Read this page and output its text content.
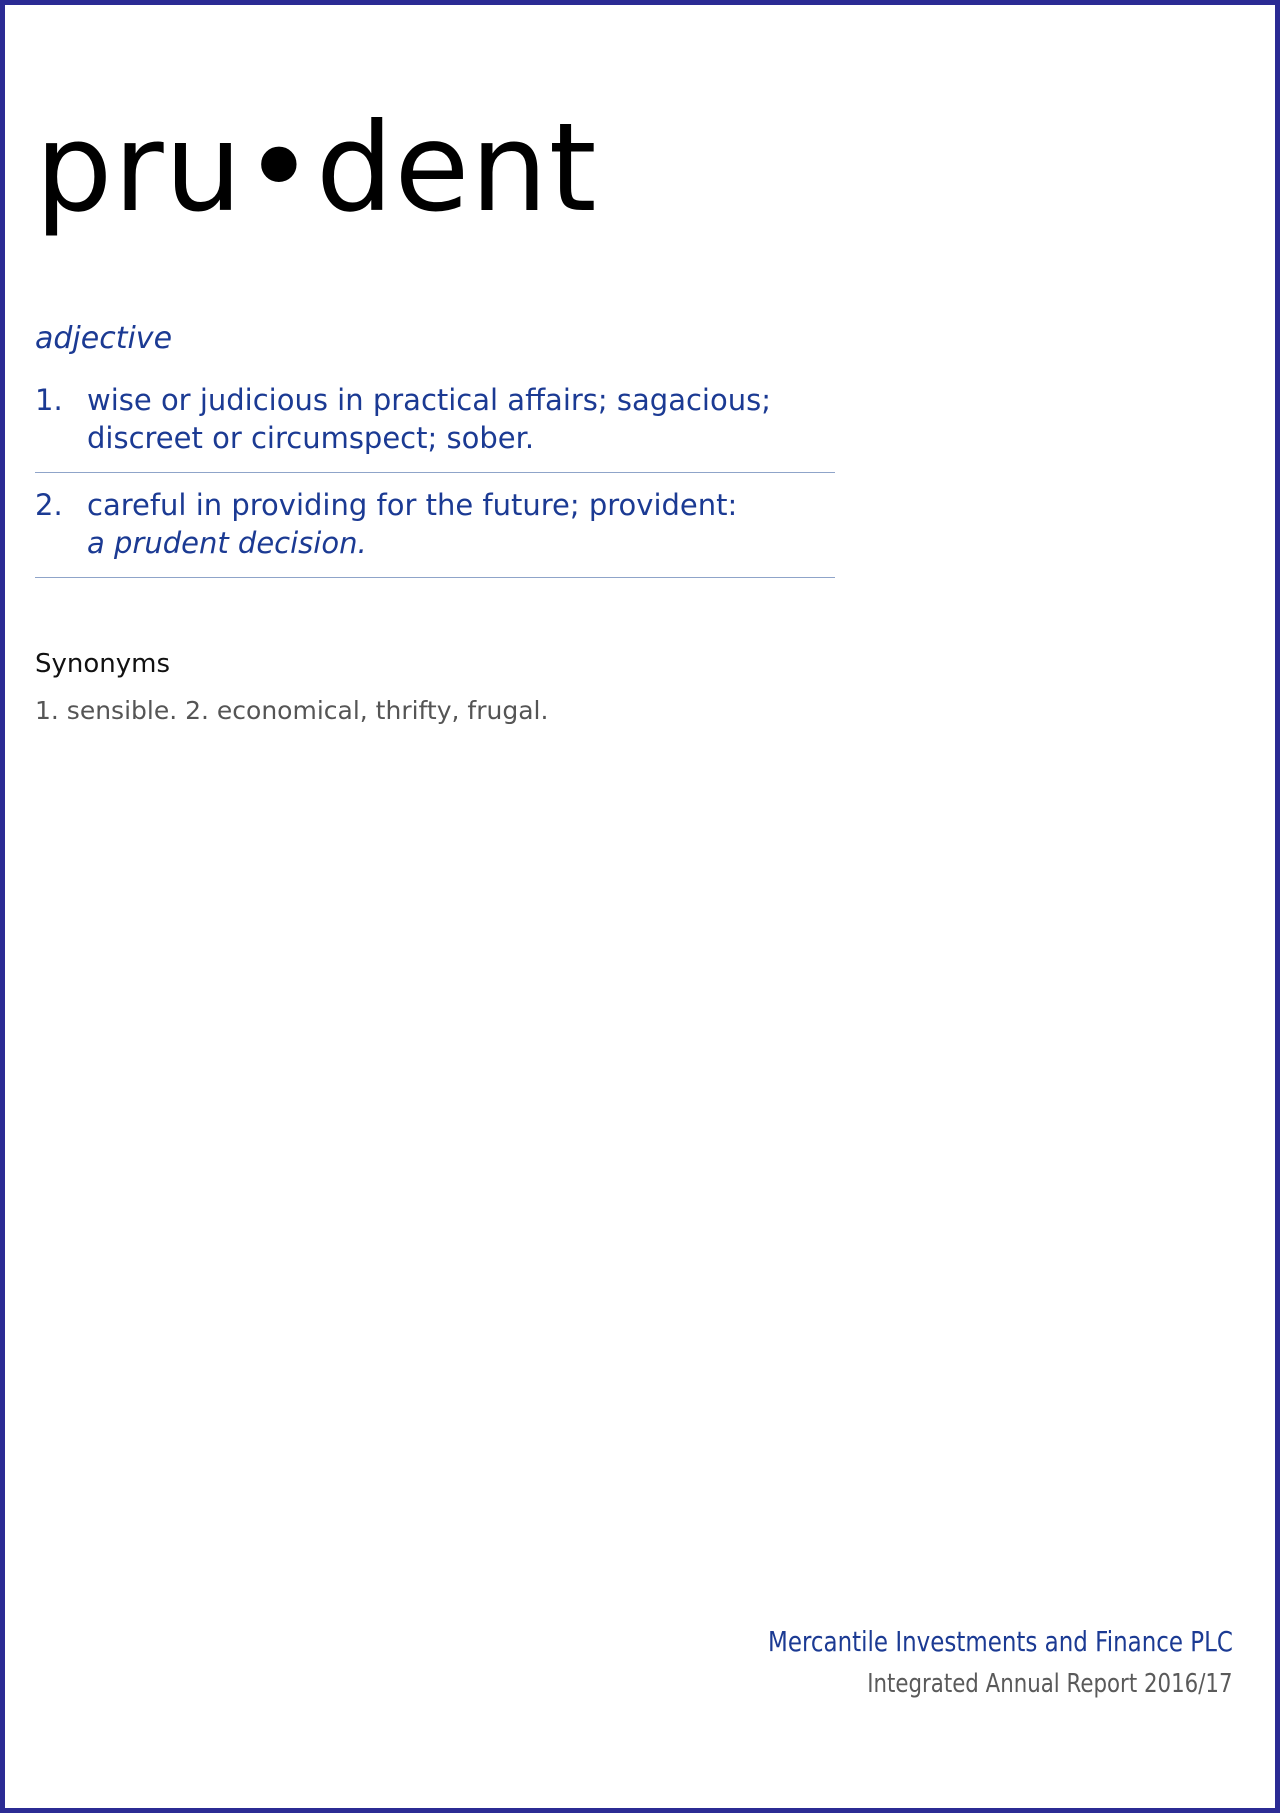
pru•dent
adjective
1. wise or judicious in practical affairs; sagacious; discreet or circumspect; sober.
2. careful in providing for the future; provident:
a prudent decision.
Synonyms
1. sensible. 2. economical, thrifty, frugal.
Mercantile Investments and Finance PLC
Integrated Annual Report 2016/17
